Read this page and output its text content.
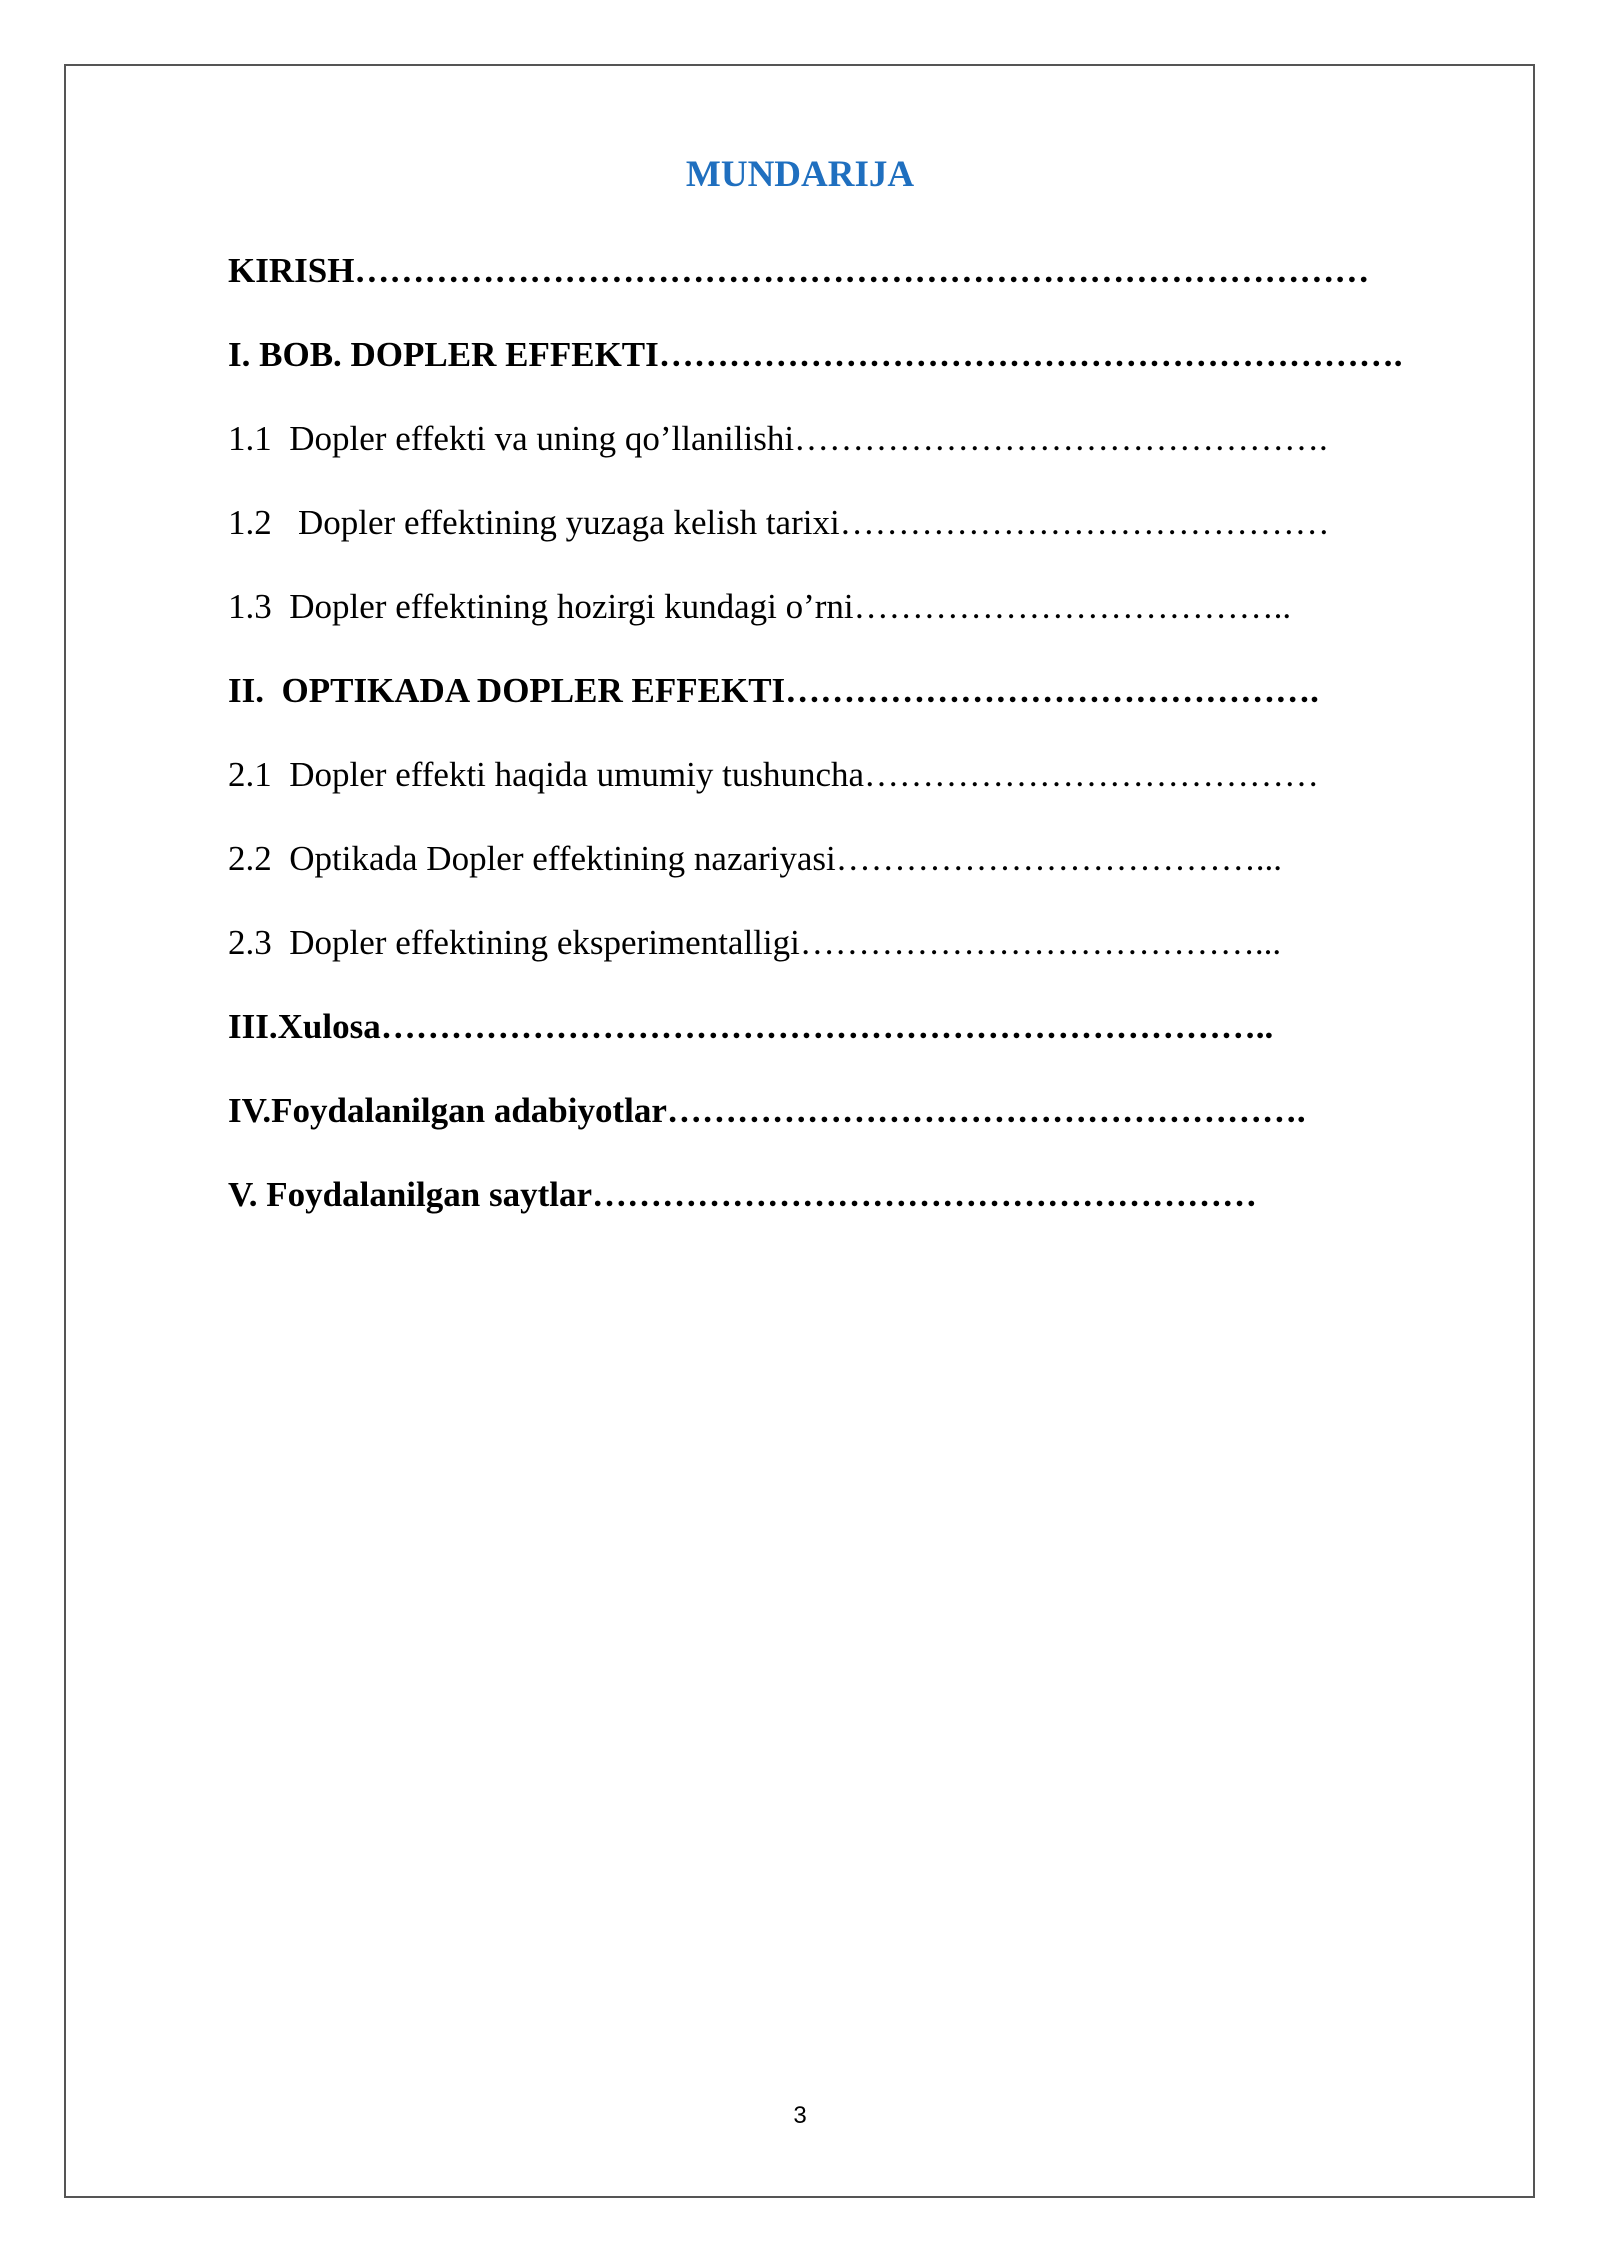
MUNDARIJA
KIRISH……………………………………………………………………………
I. BOB. DOPLER EFFEKTI……………………………………………………….
1.1  Dopler effekti va uning qo’llanilishi……………………………………….
1.2   Dopler effektining yuzaga kelish tarixi……………………………………
1.3  Dopler effektining hozirgi kundagi o’rni………………………………..
II.  OPTIKADA DOPLER EFFEKTI……………………………………….
2.1  Dopler effekti haqida umumiy tushuncha…………………………………
2.2  Optikada Dopler effektining nazariyasi………………………………...
2.3  Dopler effektining eksperimentalligi…………………………………...
III.Xulosa…………………………………………………………………..
IV.Foydalanilgan adabiyotlar……………………………………………….
V. Foydalanilgan saytlar…………………………………………………
3
